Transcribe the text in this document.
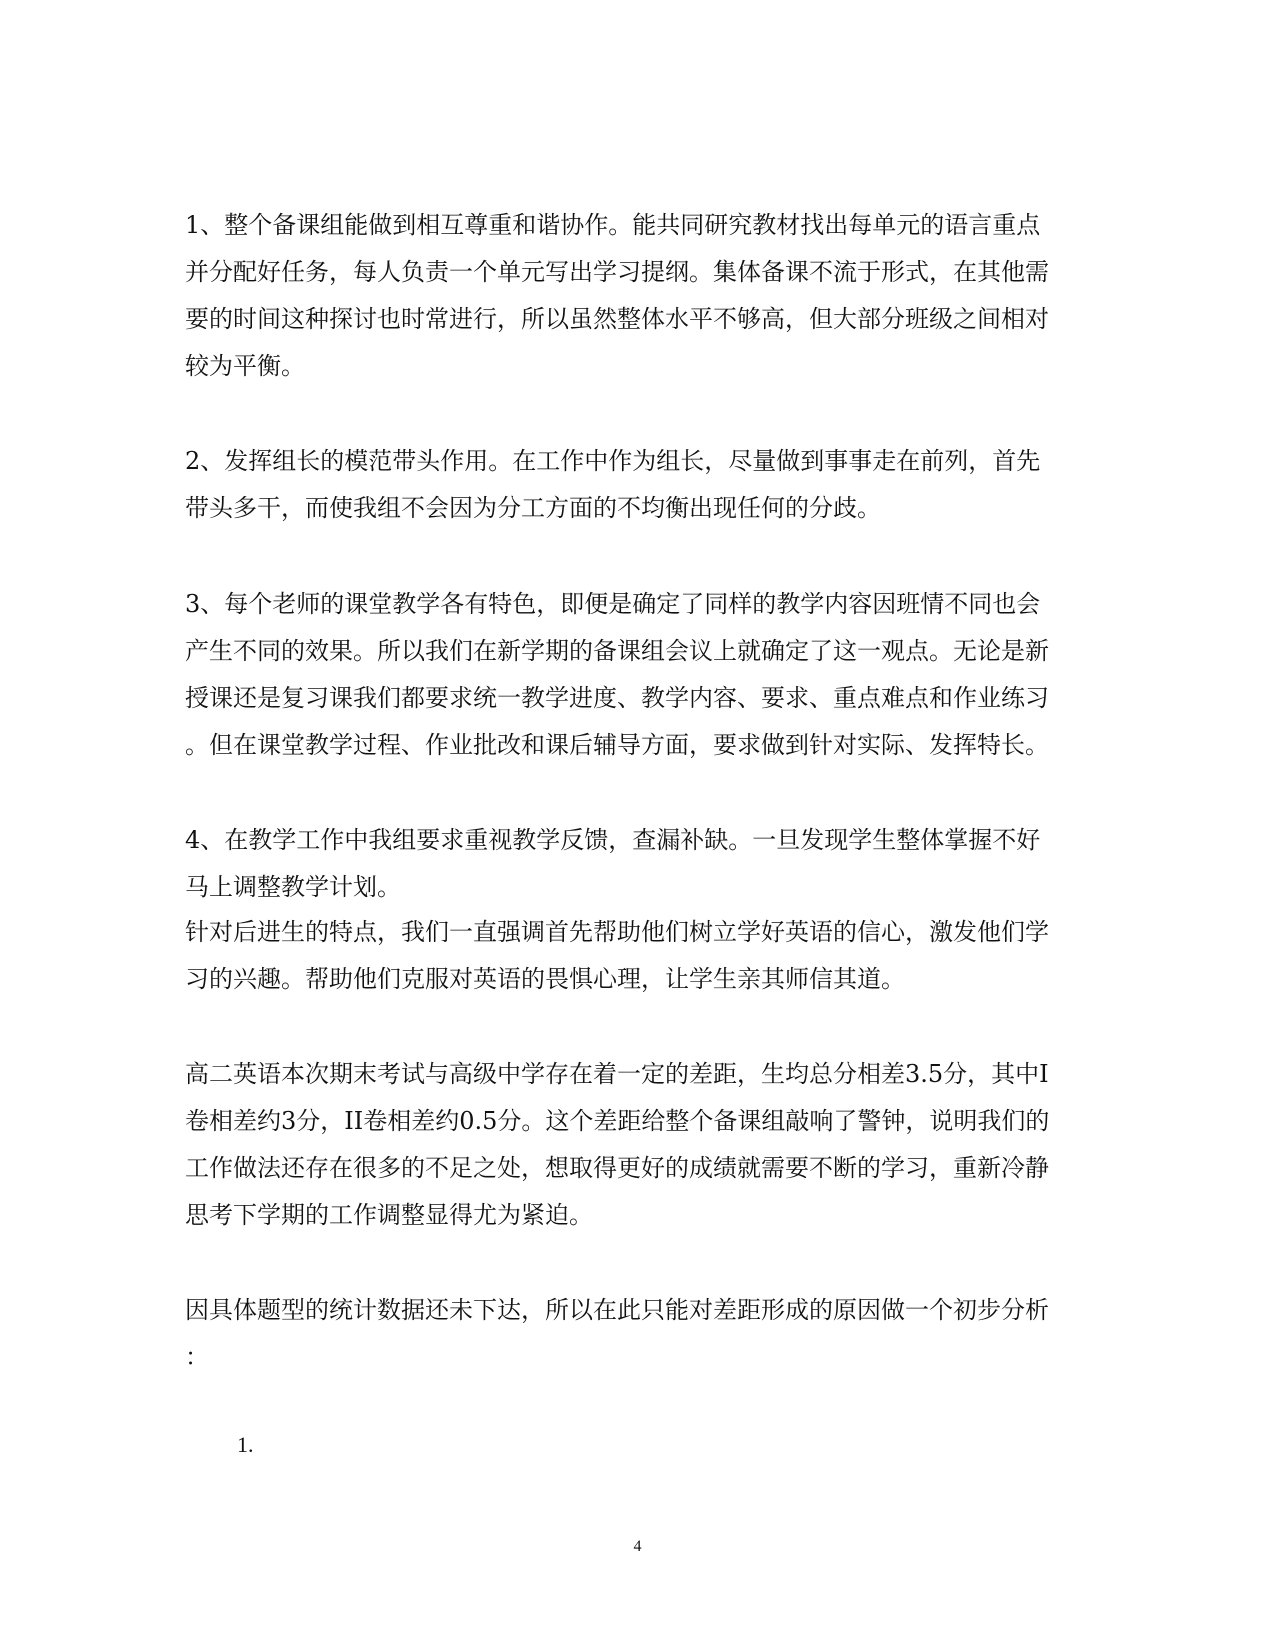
1、整个备课组能做到相互尊重和谐协作。能共同研究教材找出每单元的语言重点
并分配好任务，每人负责一个单元写出学习提纲。集体备课不流于形式，在其他需
要的时间这种探讨也时常进行，所以虽然整体水平不够高，但大部分班级之间相对
较为平衡。
2、发挥组长的模范带头作用。在工作中作为组长，尽量做到事事走在前列，首先
带头多干，而使我组不会因为分工方面的不均衡出现任何的分歧。
3、每个老师的课堂教学各有特色，即便是确定了同样的教学内容因班情不同也会
产生不同的效果。所以我们在新学期的备课组会议上就确定了这一观点。无论是新
授课还是复习课我们都要求统一教学进度、教学内容、要求、重点难点和作业练习
。但在课堂教学过程、作业批改和课后辅导方面，要求做到针对实际、发挥特长。
4、在教学工作中我组要求重视教学反馈，查漏补缺。一旦发现学生整体掌握不好
马上调整教学计划。
针对后进生的特点，我们一直强调首先帮助他们树立学好英语的信心，激发他们学
习的兴趣。帮助他们克服对英语的畏惧心理，让学生亲其师信其道。
高二英语本次期末考试与高级中学存在着一定的差距，生均总分相差3.5分，其中I
卷相差约3分，II卷相差约0.5分。这个差距给整个备课组敲响了警钟，说明我们的
工作做法还存在很多的不足之处，想取得更好的成绩就需要不断的学习，重新冷静
思考下学期的工作调整显得尤为紧迫。
因具体题型的统计数据还未下达，所以在此只能对差距形成的原因做一个初步分析
：
1.
4
